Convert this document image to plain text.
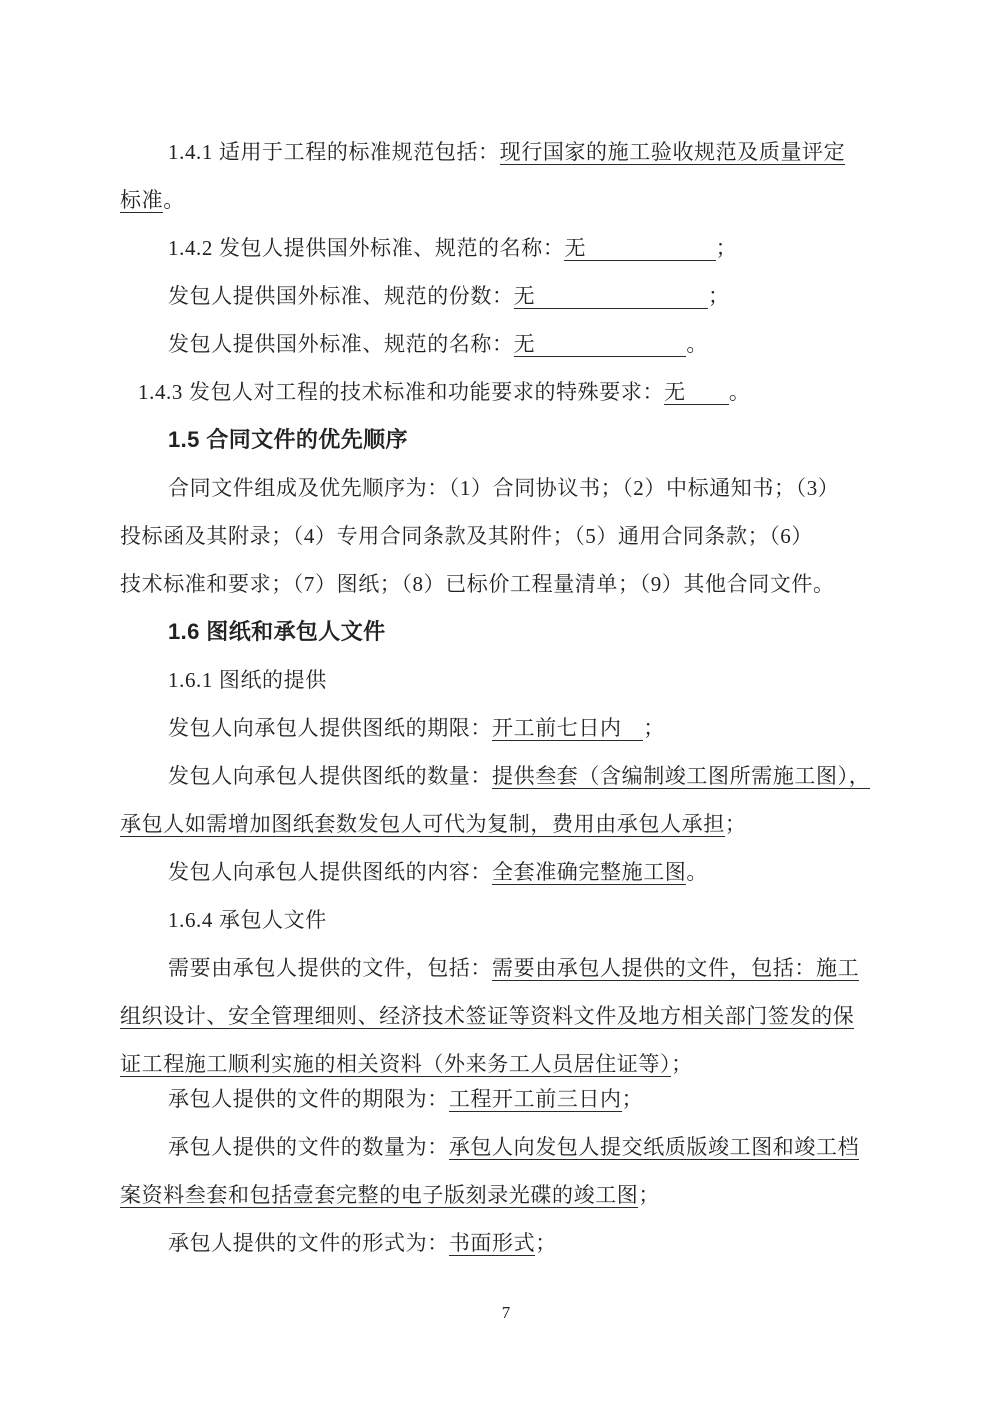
1.4.1 适用于工程的标准规范包括：现行国家的施工验收规范及质量评定
标准。
1.4.2 发包人提供国外标准、规范的名称：无　　　　　　；
发包人提供国外标准、规范的份数：无　　　　　　　　；
发包人提供国外标准、规范的名称：无　　　　　　　。
1.4.3 发包人对工程的技术标准和功能要求的特殊要求：无　　。
1.5 合同文件的优先顺序
合同文件组成及优先顺序为：（1）合同协议书；（2）中标通知书；（3）
投标函及其附录；（4）专用合同条款及其附件；（5）通用合同条款；（6）
技术标准和要求；（7）图纸；（8）已标价工程量清单；（9）其他合同文件。
1.6 图纸和承包人文件
1.6.1 图纸的提供
发包人向承包人提供图纸的期限：开工前七日内　；
发包人向承包人提供图纸的数量：提供叁套（含编制竣工图所需施工图），
承包人如需增加图纸套数发包人可代为复制，费用由承包人承担；
发包人向承包人提供图纸的内容：全套准确完整施工图。
1.6.4 承包人文件
需要由承包人提供的文件，包括：需要由承包人提供的文件，包括：施工
组织设计、安全管理细则、经济技术签证等资料文件及地方相关部门签发的保
证工程施工顺利实施的相关资料（外来务工人员居住证等）；
承包人提供的文件的期限为：工程开工前三日内；
承包人提供的文件的数量为：承包人向发包人提交纸质版竣工图和竣工档
案资料叁套和包括壹套完整的电子版刻录光碟的竣工图；
承包人提供的文件的形式为：书面形式；
7
